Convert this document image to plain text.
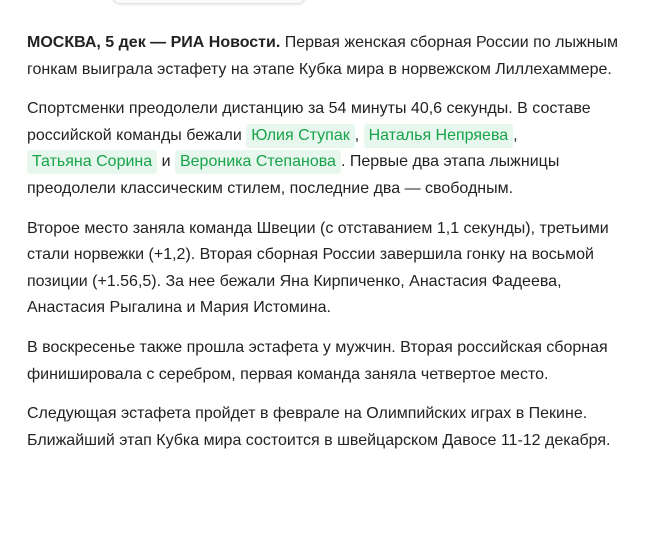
МОСКВА, 5 дек — РИА Новости. Первая женская сборная России по лыжным гонкам выиграла эстафету на этапе Кубка мира в норвежском Лиллехаммере.

Спортсменки преодолели дистанцию за 54 минуты 40,6 секунды. В составе российской команды бежали Юлия Ступак , Наталья Непряева , Татьяна Сорина и Вероника Степанова . Первые два этапа лыжницы преодолели классическим стилем, последние два — свободным.

Второе место заняла команда Швеции (с отставанием 1,1 секунды), третьими стали норвежки (+1,2). Вторая сборная России завершила гонку на восьмой позиции (+1.56,5). За нее бежали Яна Кирпиченко, Анастасия Фадеева, Анастасия Рыгалина и Мария Истомина.

В воскресенье также прошла эстафета у мужчин. Вторая российская сборная финишировала с серебром, первая команда заняла четвертое место.

Следующая эстафета пройдет в феврале на Олимпийских играх в Пекине. Ближайший этап Кубка мира состоится в швейцарском Давосе 11-12 декабря.
